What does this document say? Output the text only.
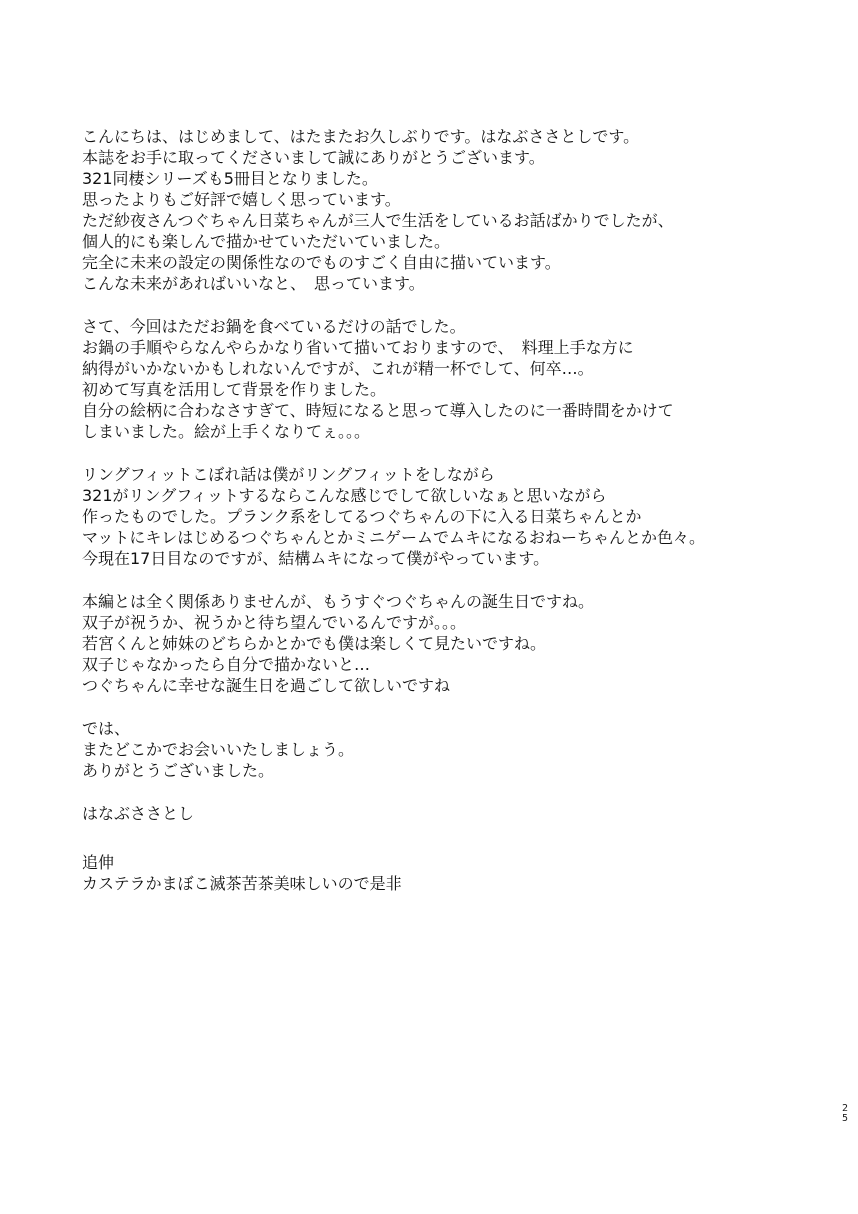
こんにちは、はじめまして、はたまたお久しぶりです。はなぶささとしです。
本誌をお手に取ってくださいまして誠にありがとうございます。
321同棲シリーズも5冊目となりました。
思ったよりもご好評で嬉しく思っています。
ただ紗夜さんつぐちゃん日菜ちゃんが三人で生活をしているお話ばかりでしたが、
個人的にも楽しんで描かせていただいていました。
完全に未来の設定の関係性なのでものすごく自由に描いています。
こんな未来があればいいなと、　思っています。
さて、今回はただお鍋を食べているだけの話でした。
お鍋の手順やらなんやらかなり省いて描いておりますので、　料理上手な方に
納得がいかないかもしれないんですが、これが精一杯でして、何卒…。
初めて写真を活用して背景を作りました。
自分の絵柄に合わなさすぎて、時短になると思って導入したのに一番時間をかけて
しまいました。絵が上手くなりてぇ。。。
リングフィットこぼれ話は僕がリングフィットをしながら
321がリングフィットするならこんな感じでして欲しいなぁと思いながら
作ったものでした。プランク系をしてるつぐちゃんの下に入る日菜ちゃんとか
マットにキレはじめるつぐちゃんとかミニゲームでムキになるおねーちゃんとか色々。
今現在17日目なのですが、結構ムキになって僕がやっています。
本編とは全く関係ありませんが、もうすぐつぐちゃんの誕生日ですね。
双子が祝うか、祝うかと待ち望んでいるんですが。。。
若宮くんと姉妹のどちらかとかでも僕は楽しくて見たいですね。
双子じゃなかったら自分で描かないと…
つぐちゃんに幸せな誕生日を過ごして欲しいですね
では、
またどこかでお会いいたしましょう。
ありがとうございました。
はなぶささとし
追伸
カステラかまぼこ滅茶苦茶美味しいので是非
2
5
